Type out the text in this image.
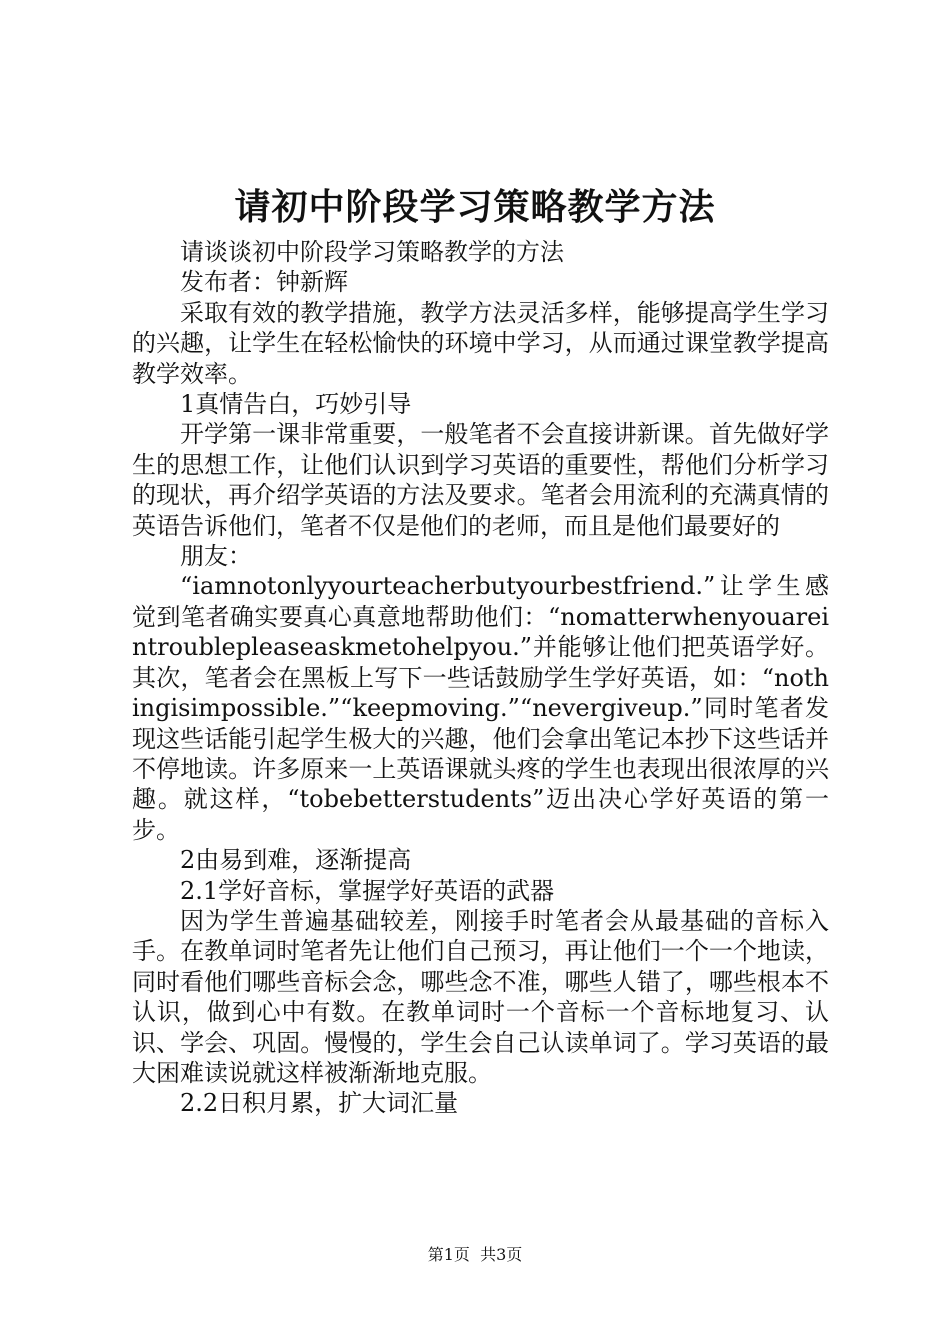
请初中阶段学习策略教学方法

请谈谈初中阶段学习策略教学的方法

发布者：钟新辉

采取有效的教学措施，教学方法灵活多样，能够提高学生学习的兴趣，让学生在轻松愉快的环境中学习，从而通过课堂教学提高教学效率。

1真情告白，巧妙引导

开学第一课非常重要，一般笔者不会直接讲新课。首先做好学生的思想工作，让他们认识到学习英语的重要性，帮他们分析学习的现状，再介绍学英语的方法及要求。笔者会用流利的充满真情的英语告诉他们，笔者不仅是他们的老师，而且是他们最要好的

朋友：

“iamnotonlyyourteacherbutyourbestfriend.”让学生感觉到笔者确实要真心真意地帮助他们：“nomatterwhenyouareintroublepleaseaskmetohelpyou.”并能够让他们把英语学好。其次，笔者会在黑板上写下一些话鼓励学生学好英语，如：“nothingisimpossible.”“keepmoving.”“nevergiveup.”同时笔者发现这些话能引起学生极大的兴趣，他们会拿出笔记本抄下这些话并不停地读。许多原来一上英语课就头疼的学生也表现出很浓厚的兴趣。就这样，“tobebetterstudents”迈出决心学好英语的第一步。

2由易到难，逐渐提高

2.1学好音标，掌握学好英语的武器

因为学生普遍基础较差，刚接手时笔者会从最基础的音标入手。在教单词时笔者先让他们自己预习，再让他们一个一个地读，同时看他们哪些音标会念，哪些念不准，哪些人错了，哪些根本不认识，做到心中有数。在教单词时一个音标一个音标地复习、认识、学会、巩固。慢慢的，学生会自己认读单词了。学习英语的最大困难读说就这样被渐渐地克服。

2.2日积月累，扩大词汇量

第1页  共3页
